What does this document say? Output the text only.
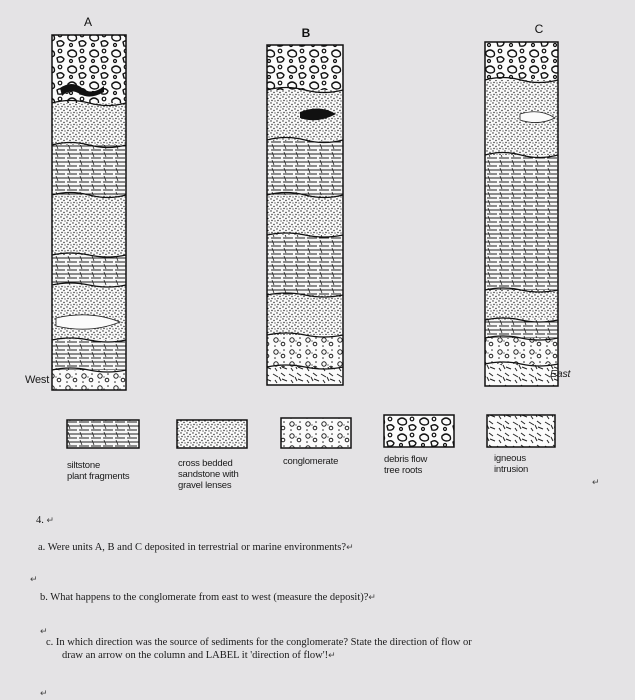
A
B	C
0
West	East
siltstone
plant fragments
cross bedded
sandstone with
gravel lenses
conglomerate	debris flow
tree roots
igneous
intrusion
↵
4. ↵
a. Were units A, B and C deposited in terrestrial or marine environments?↵
↵
b. What happens to the conglomerate from east to west (measure the deposit)?↵
↵
c. In which direction was the source of sediments for the conglomerate? State the direction of flow or
draw an arrow on the column and LABEL it 'direction of flow'!↵
↵
